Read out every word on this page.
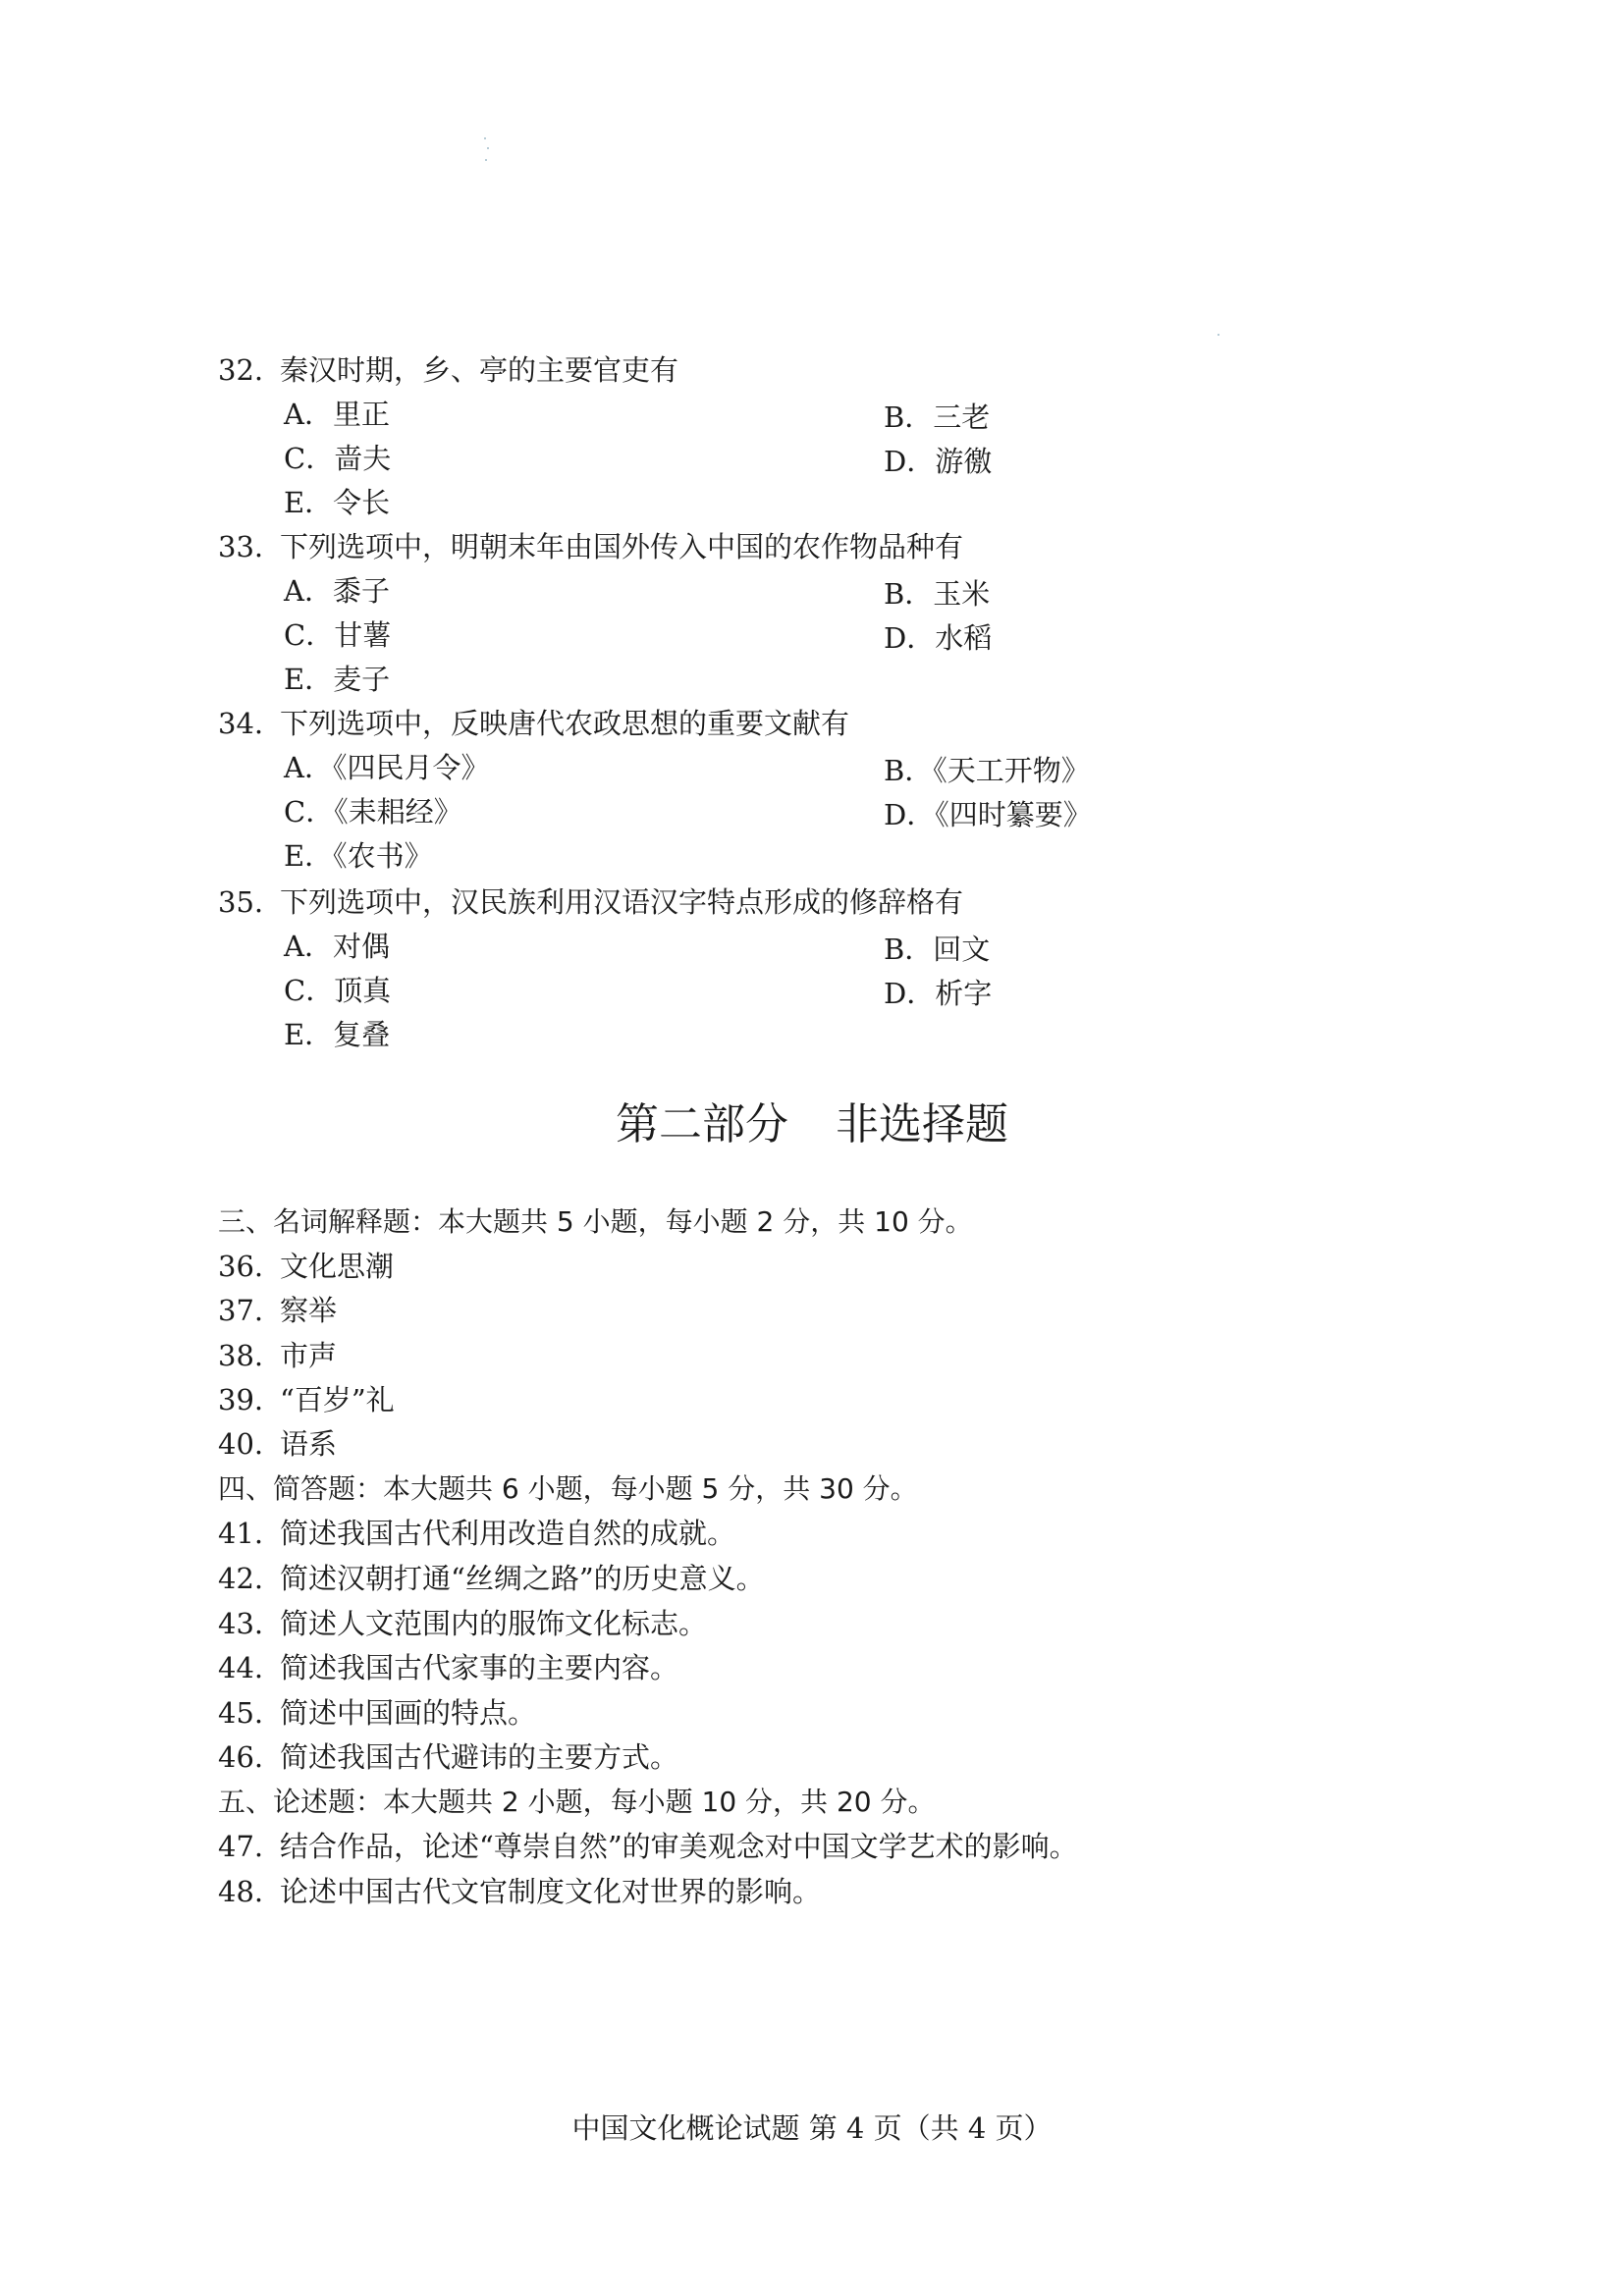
32. 秦汉时期，乡、亭的主要官吏有
A．里正	B．三老
C．啬夫	D．游徼
E．令长
33. 下列选项中，明朝末年由国外传入中国的农作物品种有
A．黍子	B．玉米
C．甘薯	D．水稻
E．麦子
34. 下列选项中，反映唐代农政思想的重要文献有
A．《四民月令》	B．《天工开物》
C．《耒耜经》	D．《四时纂要》
E．《农书》
35. 下列选项中，汉民族利用汉语汉字特点形成的修辞格有
A．对偶	B．回文
C．顶真	D．析字
E．复叠
第二部分 非选择题
三、名词解释题：本大题共 5 小题，每小题 2 分，共 10 分。
36. 文化思潮
37. 察举
38. 市声
39. “百岁”礼
40. 语系
四、简答题：本大题共 6 小题，每小题 5 分，共 30 分。
41. 简述我国古代利用改造自然的成就。
42. 简述汉朝打通“丝绸之路”的历史意义。
43. 简述人文范围内的服饰文化标志。
44. 简述我国古代家事的主要内容。
45. 简述中国画的特点。
46. 简述我国古代避讳的主要方式。
五、论述题：本大题共 2 小题，每小题 10 分，共 20 分。
47. 结合作品，论述“尊崇自然”的审美观念对中国文学艺术的影响。
48. 论述中国古代文官制度文化对世界的影响。
中国文化概论试题 第 4 页（共 4 页）
